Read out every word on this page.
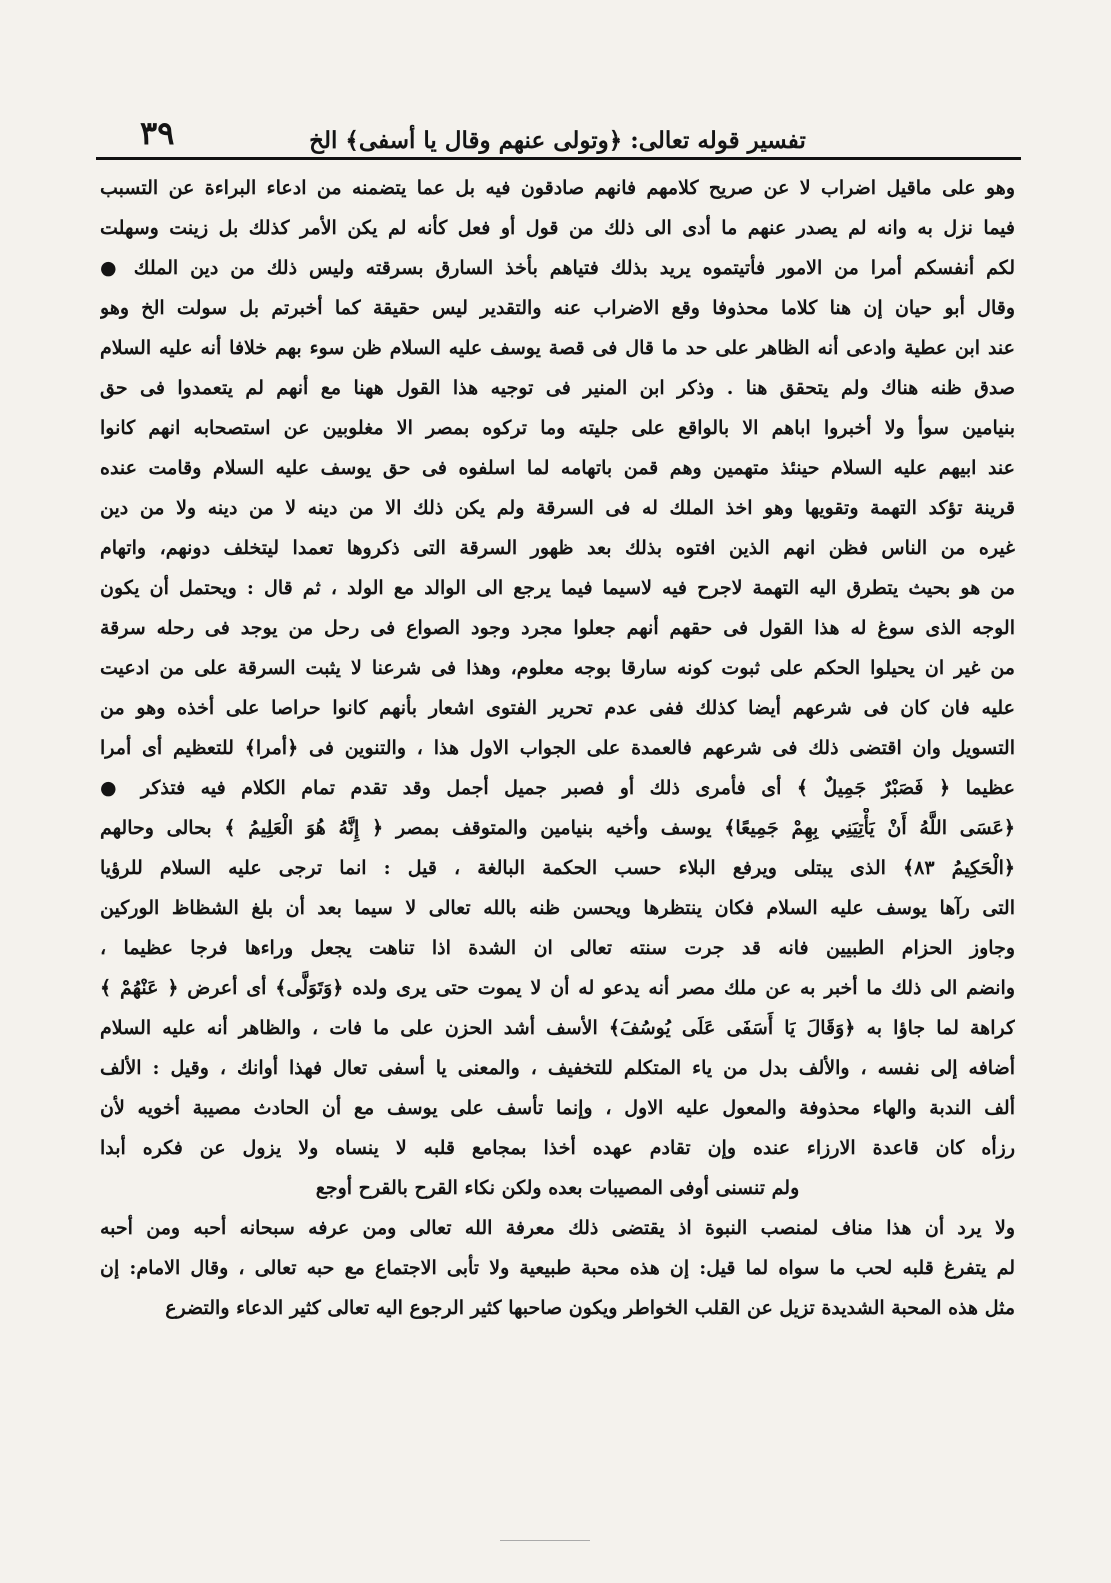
تفسير قوله تعالى: ﴿وتولى عنهم وقال يا أسفى﴾ الخ
٣٩
وهو على ماقيل اضراب لا عن صريح كلامهم فانهم صادقون فيه بل عما يتضمنه من ادعاء البراءة عن التسبب
فيما نزل به وانه لم يصدر عنهم ما أدى الى ذلك من قول أو فعل كأنه لم يكن الأمر كذلك بل زينت وسهلت
لكم أنفسكم أمرا من الامور فأتيتموه يريد بذلك فتياهم بأخذ السارق بسرقته وليس ذلك من دين الملك ●
وقال أبو حيان إن هنا كلاما محذوفا وقع الاضراب عنه والتقدير ليس حقيقة كما أخبرتم بل سولت الخ وهو
عند ابن عطية وادعى أنه الظاهر على حد ما قال فى قصة يوسف عليه السلام ظن سوء بهم خلافا أنه عليه السلام
صدق ظنه هناك ولم يتحقق هنا . وذكر ابن المنير فى توجيه هذا القول ههنا مع أنهم لم يتعمدوا فى حق
بنيامين سوأ ولا أخبروا اباهم الا بالواقع على جليته وما تركوه بمصر الا مغلوبين عن استصحابه انهم كانوا
عند ابيهم عليه السلام حينئذ متهمين وهم قمن باتهامه لما اسلفوه فى حق يوسف عليه السلام وقامت عنده
قرينة تؤكد التهمة وتقويها وهو اخذ الملك له فى السرقة ولم يكن ذلك الا من دينه لا من دينه ولا من دين
غيره من الناس فظن انهم الذين افتوه بذلك بعد ظهور السرقة التى ذكروها تعمدا ليتخلف دونهم، واتهام
من هو بحيث يتطرق اليه التهمة لاجرح فيه لاسيما فيما يرجع الى الوالد مع الولد ، ثم قال : ويحتمل أن يكون
الوجه الذى سوغ له هذا القول فى حقهم أنهم جعلوا مجرد وجود الصواع فى رحل من يوجد فى رحله سرقة
من غير ان يحيلوا الحكم على ثبوت كونه سارقا بوجه معلوم، وهذا فى شرعنا لا يثبت السرقة على من ادعيت
عليه فان كان فى شرعهم أيضا كذلك ففى عدم تحرير الفتوى اشعار بأنهم كانوا حراصا على أخذه وهو من
التسويل وان اقتضى ذلك فى شرعهم فالعمدة على الجواب الاول هذا ، والتنوين فى ﴿أمرا﴾ للتعظيم أى أمرا
عظيما ﴿ فَصَبْرٌ جَمِيلٌ ﴾ أى فأمرى ذلك أو فصبر جميل أجمل وقد تقدم تمام الكلام فيه فتذكر ●
﴿عَسَى اللَّهُ أَنْ يَأْتِيَنِي بِهِمْ جَمِيعًا﴾ يوسف وأخيه بنيامين والمتوقف بمصر ﴿ إِنَّهُ هُوَ الْعَلِيمُ ﴾ بحالى وحالهم
﴿الْحَكِيمُ ٨٣﴾ الذى يبتلى ويرفع البلاء حسب الحكمة البالغة ، قيل : انما ترجى عليه السلام للرؤيا
التى رآها يوسف عليه السلام فكان ينتظرها ويحسن ظنه بالله تعالى لا سيما بعد أن بلغ الشظاظ الوركين
وجاوز الحزام الطبيين فانه قد جرت سنته تعالى ان الشدة اذا تناهت يجعل وراءها فرجا عظيما ،
وانضم الى ذلك ما أخبر به عن ملك مصر أنه يدعو له أن لا يموت حتى يرى ولده ﴿وَتَوَلَّى﴾ أى أعرض ﴿ عَنْهُمْ ﴾
كراهة لما جاؤا به ﴿وَقَالَ يَا أَسَفَى عَلَى يُوسُفَ﴾ الأسف أشد الحزن على ما فات ، والظاهر أنه عليه السلام
أضافه إلى نفسه ، والألف بدل من ياء المتكلم للتخفيف ، والمعنى يا أسفى تعال فهذا أوانك ، وقيل : الألف
ألف الندبة والهاء محذوفة والمعول عليه الاول ، وإنما تأسف على يوسف مع أن الحادث مصيبة أخويه لأن
رزأه كان قاعدة الارزاء عنده وإن تقادم عهده أخذا بمجامع قلبه لا ينساه ولا يزول عن فكره أبدا
ولم تنسنى أوفى المصيبات بعده ولكن نكاء القرح بالقرح أوجع
ولا يرد أن هذا مناف لمنصب النبوة اذ يقتضى ذلك معرفة الله تعالى ومن عرفه سبحانه أحبه ومن أحبه
لم يتفرغ قلبه لحب ما سواه لما قيل: إن هذه محبة طبيعية ولا تأبى الاجتماع مع حبه تعالى ، وقال الامام: إن
مثل هذه المحبة الشديدة تزيل عن القلب الخواطر ويكون صاحبها كثير الرجوع اليه تعالى كثير الدعاء والتضرع
